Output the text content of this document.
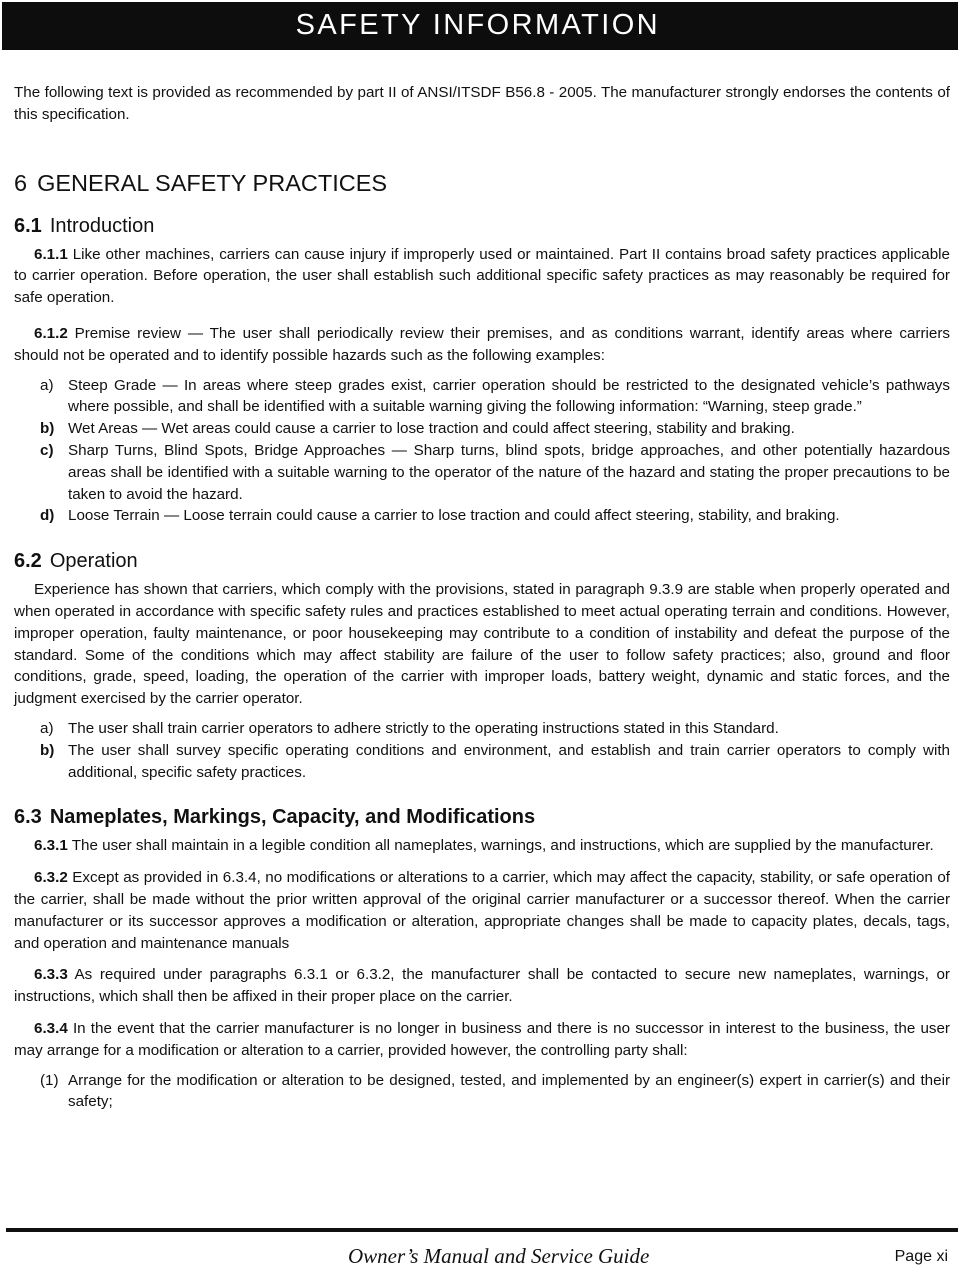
SAFETY INFORMATION

The following text is provided as recommended by part II of ANSI/ITSDF B56.8 - 2005. The manufacturer strongly endorses the contents of this specification.

6 GENERAL SAFETY PRACTICES
6.1 Introduction

6.1.1 Like other machines, carriers can cause injury if improperly used or maintained. Part II contains broad safety practices applicable to carrier operation. Before operation, the user shall establish such additional specific safety practices as may reasonably be required for safe operation.

6.1.2 Premise review — The user shall periodically review their premises, and as conditions warrant, identify areas where carriers should not be operated and to identify possible hazards such as the following examples:

a) Steep Grade — In areas where steep grades exist, carrier operation should be restricted to the designated vehicle’s pathways where possible, and shall be identified with a suitable warning giving the following information: “Warning, steep grade.”
b) Wet Areas — Wet areas could cause a carrier to lose traction and could affect steering, stability and braking.
c) Sharp Turns, Blind Spots, Bridge Approaches — Sharp turns, blind spots, bridge approaches, and other potentially hazardous areas shall be identified with a suitable warning to the operator of the nature of the hazard and stating the proper precautions to be taken to avoid the hazard.
d) Loose Terrain — Loose terrain could cause a carrier to lose traction and could affect steering, stability, and braking.
6.2 Operation

Experience has shown that carriers, which comply with the provisions, stated in paragraph 9.3.9 are stable when properly operated and when operated in accordance with specific safety rules and practices established to meet actual operating terrain and conditions. However, improper operation, faulty maintenance, or poor housekeeping may contribute to a condition of instability and defeat the purpose of the standard. Some of the conditions which may affect stability are failure of the user to follow safety practices; also, ground and floor conditions, grade, speed, loading, the operation of the carrier with improper loads, battery weight, dynamic and static forces, and the judgment exercised by the carrier operator.

a) The user shall train carrier operators to adhere strictly to the operating instructions stated in this Standard.
b) The user shall survey specific operating conditions and environment, and establish and train carrier operators to comply with additional, specific safety practices.
6.3 Nameplates, Markings, Capacity, and Modifications

6.3.1 The user shall maintain in a legible condition all nameplates, warnings, and instructions, which are supplied by the manufacturer.

6.3.2 Except as provided in 6.3.4, no modifications or alterations to a carrier, which may affect the capacity, stability, or safe operation of the carrier, shall be made without the prior written approval of the original carrier manufacturer or a successor thereof. When the carrier manufacturer or its successor approves a modification or alteration, appropriate changes shall be made to capacity plates, decals, tags, and operation and maintenance manuals

6.3.3 As required under paragraphs 6.3.1 or 6.3.2, the manufacturer shall be contacted to secure new nameplates, warnings, or instructions, which shall then be affixed in their proper place on the carrier.

6.3.4 In the event that the carrier manufacturer is no longer in business and there is no successor in interest to the business, the user may arrange for a modification or alteration to a carrier, provided however, the controlling party shall:

(1) Arrange for the modification or alteration to be designed, tested, and implemented by an engineer(s) expert in carrier(s) and their safety;
Owner’s Manual and Service Guide	Page xi
